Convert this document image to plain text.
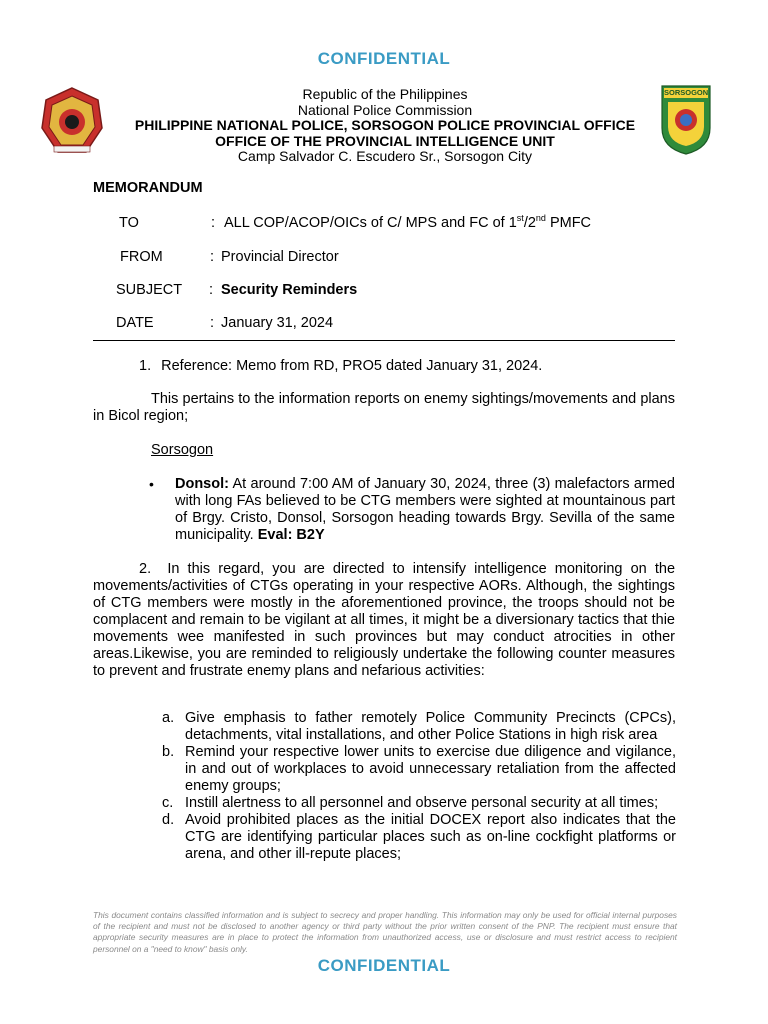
CONFIDENTIAL
SORSOGON
Republic of the Philippines
National Police Commission
PHILIPPINE NATIONAL POLICE, SORSOGON POLICE PROVINCIAL OFFICE
OFFICE OF THE PROVINCIAL INTELLIGENCE UNIT
Camp Salvador C. Escudero Sr., Sorsogon City
MEMORANDUM
TO	: ALL COP/ACOP/OICs of C/ MPS and FC of 1st/2nd PMFC
FROM	: Provincial Director
SUBJECT : Security Reminders
DATE	: January 31, 2024
1. Reference: Memo from RD, PRO5 dated January 31, 2024.
This pertains to the information reports on enemy sightings/movements and plans in Bicol region;
Sorsogon
• Donsol: At around 7:00 AM of January 30, 2024, three (3) malefactors armed with long FAs believed to be CTG members were sighted at mountainous part of Brgy. Cristo, Donsol, Sorsogon heading towards Brgy. Sevilla of the same municipality. Eval: B2Y
2. In this regard, you are directed to intensify intelligence monitoring on the movements/activities of CTGs operating in your respective AORs. Although, the sightings of CTG members were mostly in the aforementioned province, the troops should not be complacent and remain to be vigilant at all times, it might be a diversionary tactics that thie movements wee manifested in such provinces but may conduct atrocities in other areas.Likewise, you are reminded to religiously undertake the following counter measures to prevent and frustrate enemy plans and nefarious activities:
a. Give emphasis to father remotely Police Community Precincts (CPCs), detachments, vital installations, and other Police Stations in high risk area
b. Remind your respective lower units to exercise due diligence and vigilance, in and out of workplaces to avoid unnecessary retaliation from the affected enemy groups;
c. Instill alertness to all personnel and observe personal security at all times;
d. Avoid prohibited places as the initial DOCEX report also indicates that the CTG are identifying particular places such as on-line cockfight platforms or arena, and other ill-repute places;
This document contains classified information and is subject to secrecy and proper handling. This information may only be used for official internal purposes of the recipient and must not be disclosed to another agency or third party without the prior written consent of the PNP. The recipient must ensure that appropriate security measures are in place to protect the information from unauthorized access, use or disclosure and must restrict access to recipient personnel on a "need to know" basis only.
CONFIDENTIAL
